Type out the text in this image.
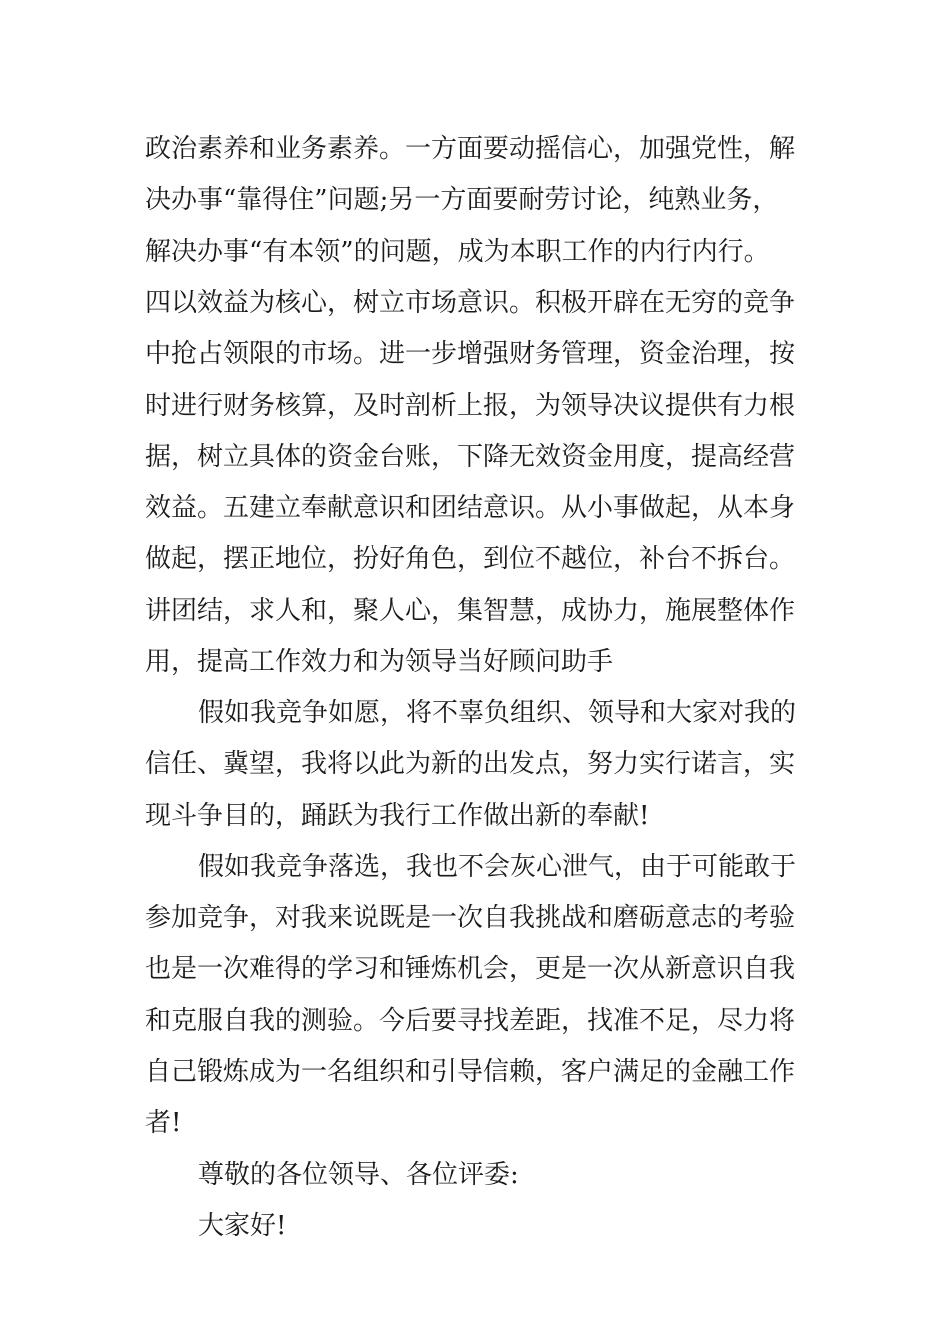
政治素养和业务素养。一方面要动摇信心，加强党性，解
决办事“靠得住”问题;另一方面要耐劳讨论，纯熟业务，
解决办事“有本领”的问题，成为本职工作的内行内行。
四以效益为核心，树立市场意识。积极开辟在无穷的竞争
中抢占领限的市场。进一步增强财务管理，资金治理，按
时进行财务核算，及时剖析上报，为领导决议提供有力根
据，树立具体的资金台账，下降无效资金用度，提高经营
效益。五建立奉献意识和团结意识。从小事做起，从本身
做起，摆正地位，扮好角色，到位不越位，补台不拆台。
讲团结，求人和，聚人心，集智慧，成协力，施展整体作
用，提高工作效力和为领导当好顾问助手
假如我竞争如愿，将不辜负组织、领导和大家对我的
信任、冀望，我将以此为新的出发点，努力实行诺言，实
现斗争目的，踊跃为我行工作做出新的奉献!
假如我竞争落选，我也不会灰心泄气，由于可能敢于
参加竞争，对我来说既是一次自我挑战和磨砺意志的考验
也是一次难得的学习和锤炼机会，更是一次从新意识自我
和克服自我的测验。今后要寻找差距，找准不足，尽力将
自己锻炼成为一名组织和引导信赖，客户满足的金融工作
者!
尊敬的各位领导、各位评委:
大家好!
